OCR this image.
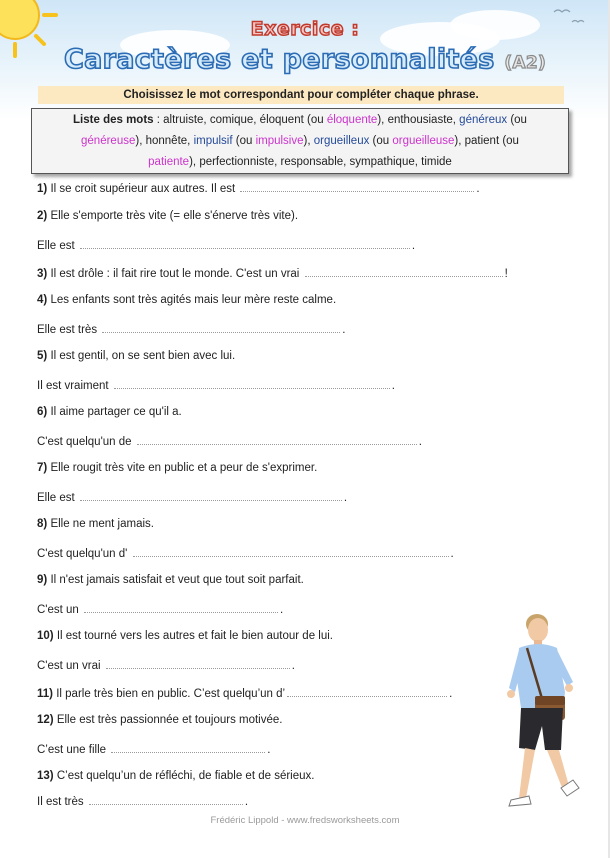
Exercice :
Caractères et personnalités (A2)
Choisissez le mot correspondant pour compléter chaque phrase.
Liste des mots : altruiste, comique, éloquent (ou éloquente), enthousiaste, généreux (ou
généreuse), honnête, impulsif (ou impulsive), orgueilleux (ou orgueilleuse), patient (ou
patiente), perfectionniste, responsable, sympathique, timide
1) Il se croit supérieur aux autres. Il est	.
2) Elle s'emporte très vite (= elle s'énerve très vite).
Elle est	.
3) Il est drôle : il fait rire tout le monde. C'est un vrai	!
4) Les enfants sont très agités mais leur mère reste calme.
Elle est très	.
5) Il est gentil, on se sent bien avec lui.
Il est vraiment	.
6) Il aime partager ce qu'il a.
C'est quelqu'un de	.
7) Elle rougit très vite en public et a peur de s'exprimer.
Elle est	.
8) Elle ne ment jamais.
C'est quelqu'un d'	.
9) Il n'est jamais satisfait et veut que tout soit parfait.
C'est un	.
10) Il est tourné vers les autres et fait le bien autour de lui.
C'est un vrai	.
11) Il parle très bien en public. C’est quelqu’un d’	.
12) Elle est très passionnée et toujours motivée.
C’est une fille	.
13) C’est quelqu’un de réfléchi, de fiable et de sérieux.
Il est très	.
Frédéric Lippold - www.fredsworksheets.com
